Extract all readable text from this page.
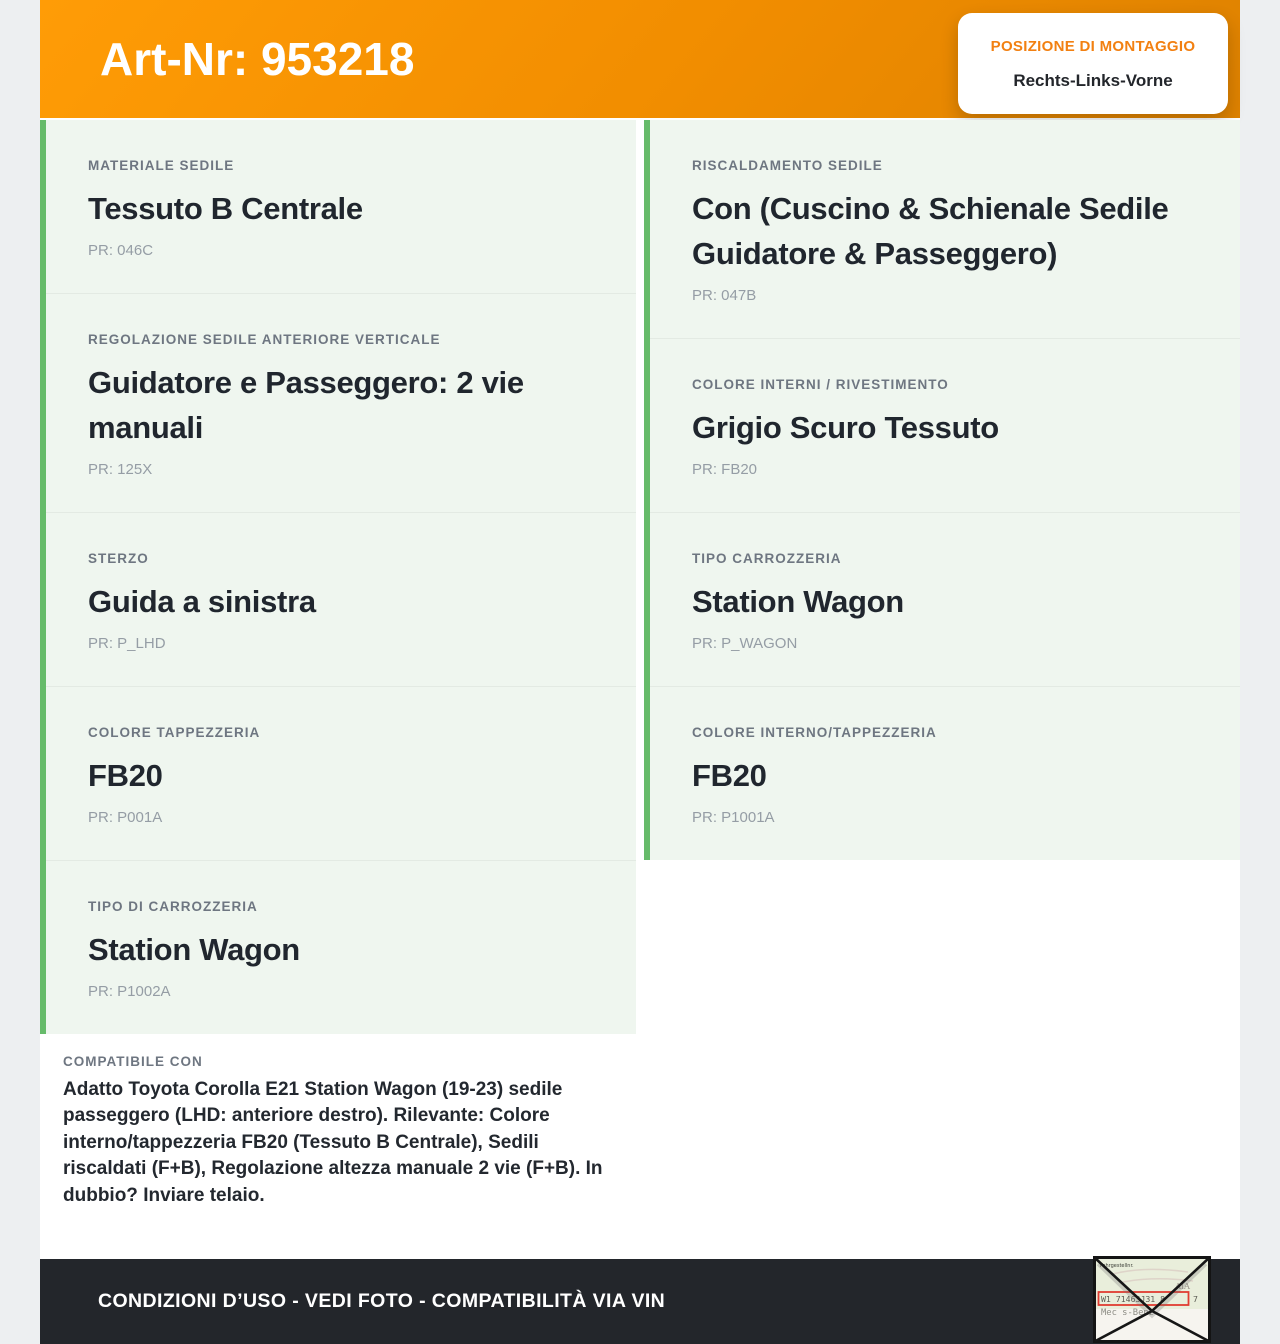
Art-Nr: 953218	POSIZIONE DI MONTAGGIO
Rechts-Links-Vorne
MATERIALE SEDILE
Tessuto B Centrale
PR: 046C
REGOLAZIONE SEDILE ANTERIORE VERTICALE
Guidatore e Passeggero: 2 vie manuali
PR: 125X
STERZO
Guida a sinistra
PR: P_LHD
COLORE TAPPEZZERIA
FB20
PR: P001A
TIPO DI CARROZZERIA
Station Wagon
PR: P1002A
COMPATIBILE CON
Adatto Toyota Corolla E21 Station Wagon (19-23) sedile passeggero (LHD: anteriore destro). Rilevante: Colore interno/tappezzeria FB20 (Tessuto B Centrale), Sedili riscaldati (F+B), Regolazione altezza manuale 2 vie (F+B). In dubbio? Inviare telaio.
RISCALDAMENTO SEDILE
Con (Cuscino & Schienale Sedile Guidatore & Passeggero)
PR: 047B
COLORE INTERNI / RIVESTIMENTO
Grigio Scuro Tessuto
PR: FB20
TIPO CARROZZERIA
Station Wagon
PR: P_WAGON
COLORE INTERNO/TAPPEZZERIA
FB20
PR: P1001A
CONDIZIONI D’USO - VEDI FOTO - COMPATIBILITÀ VIA VIN
Fahrgestellnr.
AiA
W1 71463J31 8	7
Mec s-Benz
